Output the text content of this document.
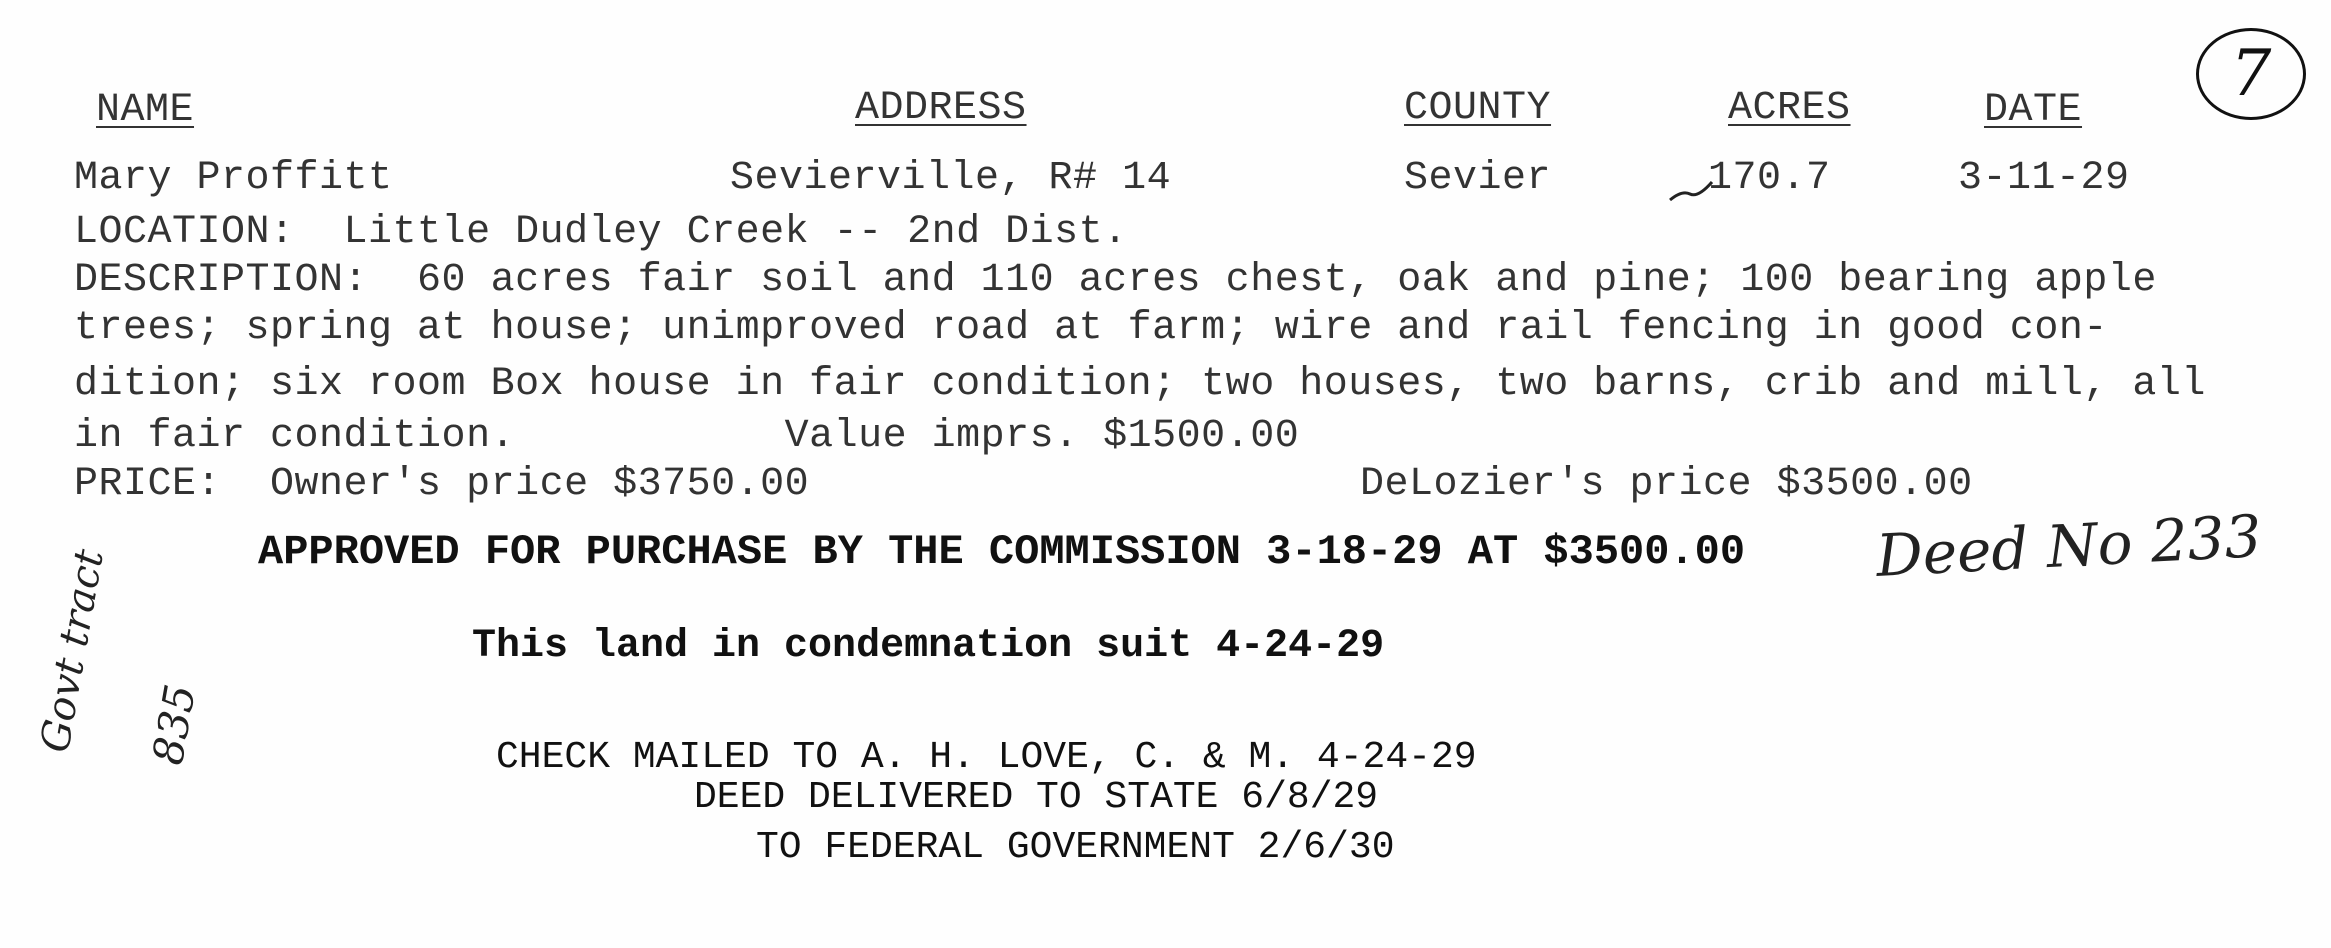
7
NAME	ADDRESS	COUNTY	ACRES	DATE
Mary Proffitt	Sevierville, R# 14	Sevier	170.7	3-11-29
LOCATION:  Little Dudley Creek -- 2nd Dist.
DESCRIPTION:  60 acres fair soil and 110 acres chest, oak and pine; 100 bearing apple
trees; spring at house; unimproved road at farm; wire and rail fencing in good con-
dition; six room Box house in fair condition; two houses, two barns, crib and mill, all
in fair condition.           Value imprs. $1500.00
PRICE:  Owner's price $3750.00	DeLozier's price $3500.00
APPROVED FOR PURCHASE BY THE COMMISSION 3-18-29 AT $3500.00 Deed No 233
This land in condemnation suit 4-24-29
CHECK MAILED TO A. H. LOVE, C. & M. 4-24-29
DEED DELIVERED TO STATE 6/8/29
TO FEDERAL GOVERNMENT 2/6/30
Govt tract 835
